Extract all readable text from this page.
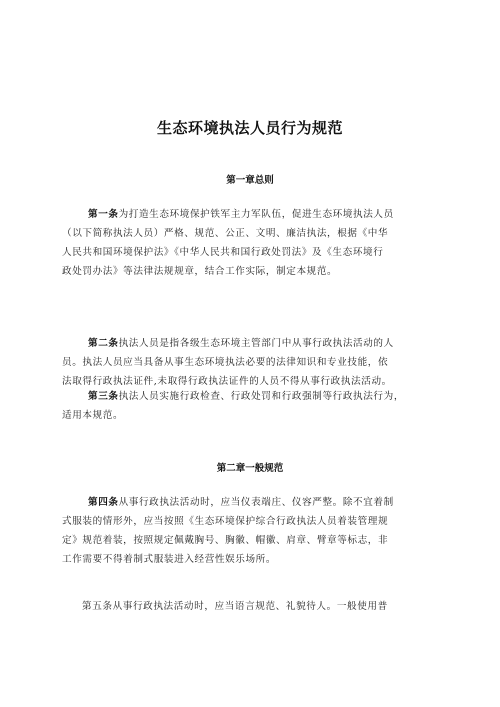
生态环境执法人员行为规范
第一章总则
第一条为打造生态环境保护铁军主力军队伍，促进生态环境执法人员
（以下简称执法人员）严格、规范、公正、文明、廉洁执法，根据《中华
人民共和国环境保护法》《中华人民共和国行政处罚法》及《生态环境行
政处罚办法》等法律法规规章，结合工作实际，制定本规范。
第二条执法人员是指各级生态环境主管部门中从事行政执法活动的人
员。执法人员应当具备从事生态环境执法必要的法律知识和专业技能，依
法取得行政执法证件,未取得行政执法证件的人员不得从事行政执法活动。
第三条执法人员实施行政检查、行政处罚和行政强制等行政执法行为，
适用本规范。
第二章一般规范
第四条从事行政执法活动时，应当仪表端庄、仪容严整。除不宜着制
式服装的情形外，应当按照《生态环境保护综合行政执法人员着装管理规
定》规范着装，按照规定佩戴胸号、胸徽、帽徽、肩章、臂章等标志，非
工作需要不得着制式服装进入经营性娱乐场所。
第五条从事行政执法活动时，应当语言规范、礼貌待人。一般使用普
